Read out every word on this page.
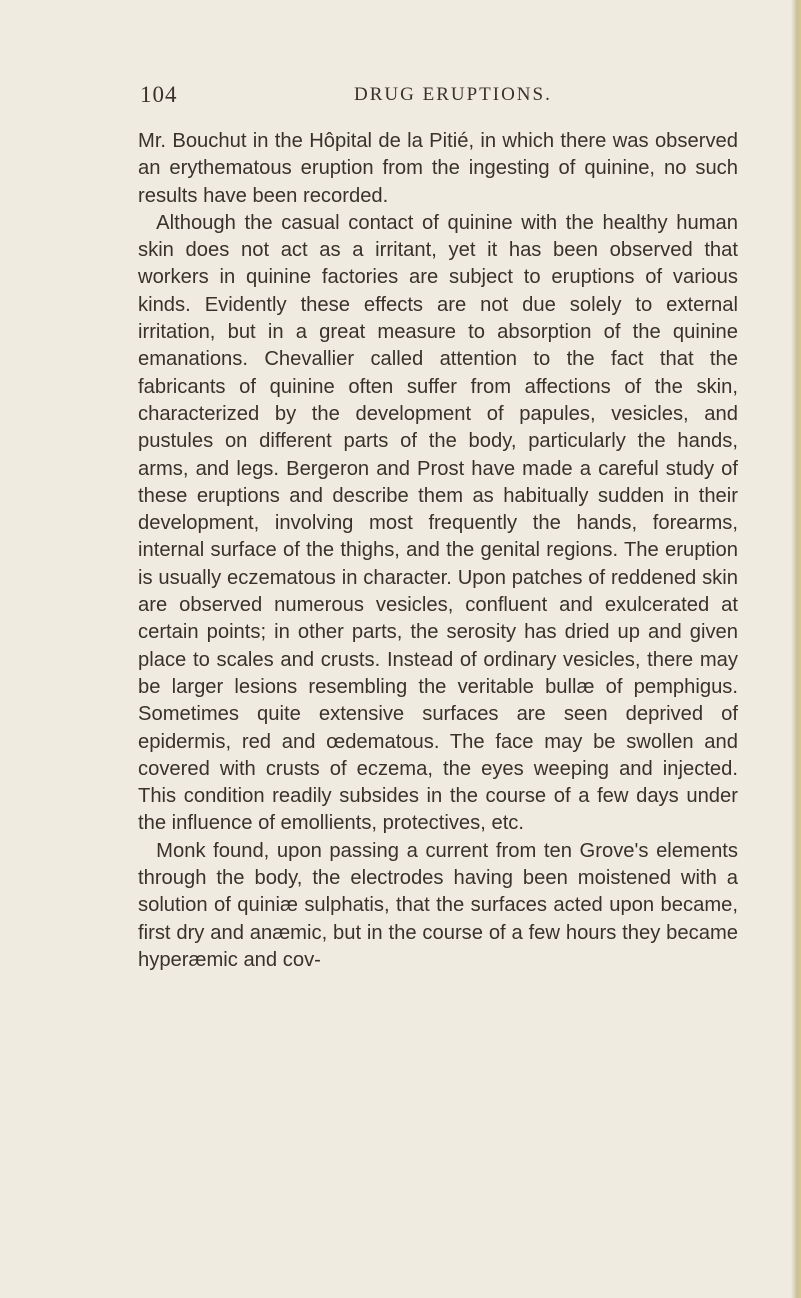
104	DRUG ERUPTIONS.

Mr. Bouchut in the Hôpital de la Pitié, in which there was observed an erythematous eruption from the ingesting of quinine, no such results have been recorded.

Although the casual contact of quinine with the healthy human skin does not act as a irritant, yet it has been observed that workers in quinine factories are subject to eruptions of various kinds. Evidently these effects are not due solely to external irritation, but in a great measure to absorption of the quinine emanations. Chevallier called attention to the fact that the fabricants of quinine often suffer from affections of the skin, characterized by the development of papules, vesicles, and pustules on different parts of the body, particularly the hands, arms, and legs. Bergeron and Prost have made a careful study of these eruptions and describe them as habitually sudden in their development, involving most frequently the hands, forearms, internal surface of the thighs, and the genital regions. The eruption is usually eczematous in character. Upon patches of reddened skin are observed numerous vesicles, confluent and exulcerated at certain points; in other parts, the serosity has dried up and given place to scales and crusts. Instead of ordinary vesicles, there may be larger lesions resembling the veritable bullæ of pemphigus. Sometimes quite extensive surfaces are seen deprived of epidermis, red and œdematous. The face may be swollen and covered with crusts of eczema, the eyes weeping and injected. This condition readily subsides in the course of a few days under the influence of emollients, protectives, etc.

Monk found, upon passing a current from ten Grove's elements through the body, the electrodes having been moistened with a solution of quiniæ sulphatis, that the surfaces acted upon became, first dry and anæmic, but in the course of a few hours they became hyperæmic and cov-
